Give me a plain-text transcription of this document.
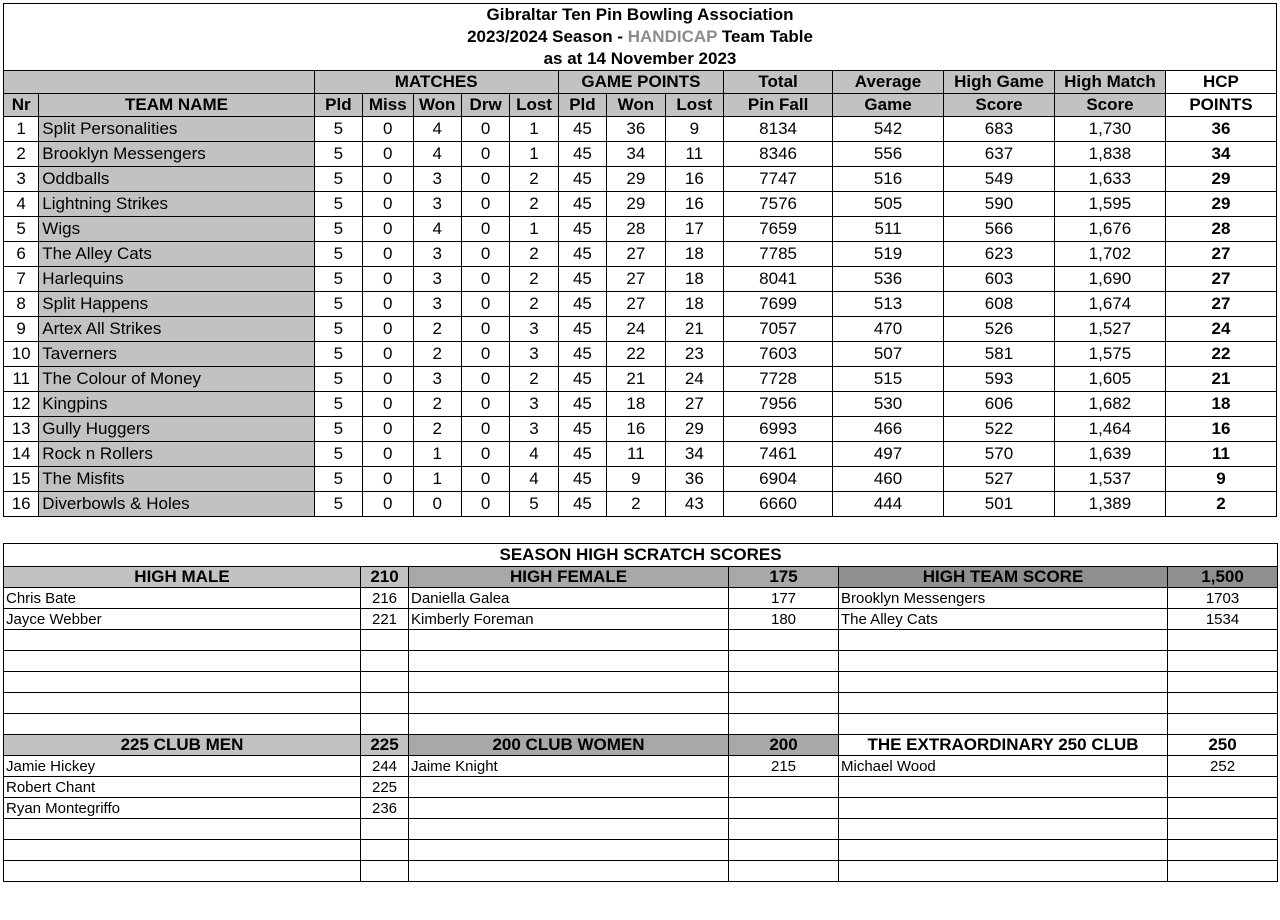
Gibraltar Ten Pin Bowling Association														
2023/2024 Season - HANDICAP Team Table														
as at 14 November 2023														
		MATCHES					GAME POINTS			Total	Average	High Game	High Match	HCP
Nr	TEAM NAME	Pld	Miss	Won	Drw	Lost	Pld	Won	Lost	Pin Fall	Game	Score	Score	POINTS
1	Split Personalities	5	0	4	0	1	45	36	9	8134	542	683	1,730	36
2	Brooklyn Messengers	5	0	4	0	1	45	34	11	8346	556	637	1,838	34
3	Oddballs	5	0	3	0	2	45	29	16	7747	516	549	1,633	29
4	Lightning Strikes	5	0	3	0	2	45	29	16	7576	505	590	1,595	29
5	Wigs	5	0	4	0	1	45	28	17	7659	511	566	1,676	28
6	The Alley Cats	5	0	3	0	2	45	27	18	7785	519	623	1,702	27
7	Harlequins	5	0	3	0	2	45	27	18	8041	536	603	1,690	27
8	Split Happens	5	0	3	0	2	45	27	18	7699	513	608	1,674	27
9	Artex All Strikes	5	0	2	0	3	45	24	21	7057	470	526	1,527	24
10	Taverners	5	0	2	0	3	45	22	23	7603	507	581	1,575	22
11	The Colour of Money	5	0	3	0	2	45	21	24	7728	515	593	1,605	21
12	Kingpins	5	0	2	0	3	45	18	27	7956	530	606	1,682	18
13	Gully Huggers	5	0	2	0	3	45	16	29	6993	466	522	1,464	16
14	Rock n Rollers	5	0	1	0	4	45	11	34	7461	497	570	1,639	11
15	The Misfits	5	0	1	0	4	45	9	36	6904	460	527	1,537	9
16	Diverbowls & Holes	5	0	0	0	5	45	2	43	6660	444	501	1,389	2
SEASON HIGH SCRATCH SCORES					
HIGH MALE	210	HIGH FEMALE	175	HIGH TEAM SCORE	1,500
Chris Bate	216	Daniella Galea	177	Brooklyn Messengers	1703
Jayce Webber	221	Kimberly Foreman	180	The Alley Cats	1534

225 CLUB MEN	225	200 CLUB WOMEN	200	THE EXTRAORDINARY 250 CLUB	250
Jamie Hickey	244	Jaime Knight	215	Michael Wood	252
Robert Chant	225				
Ryan Montegriffo	236				
